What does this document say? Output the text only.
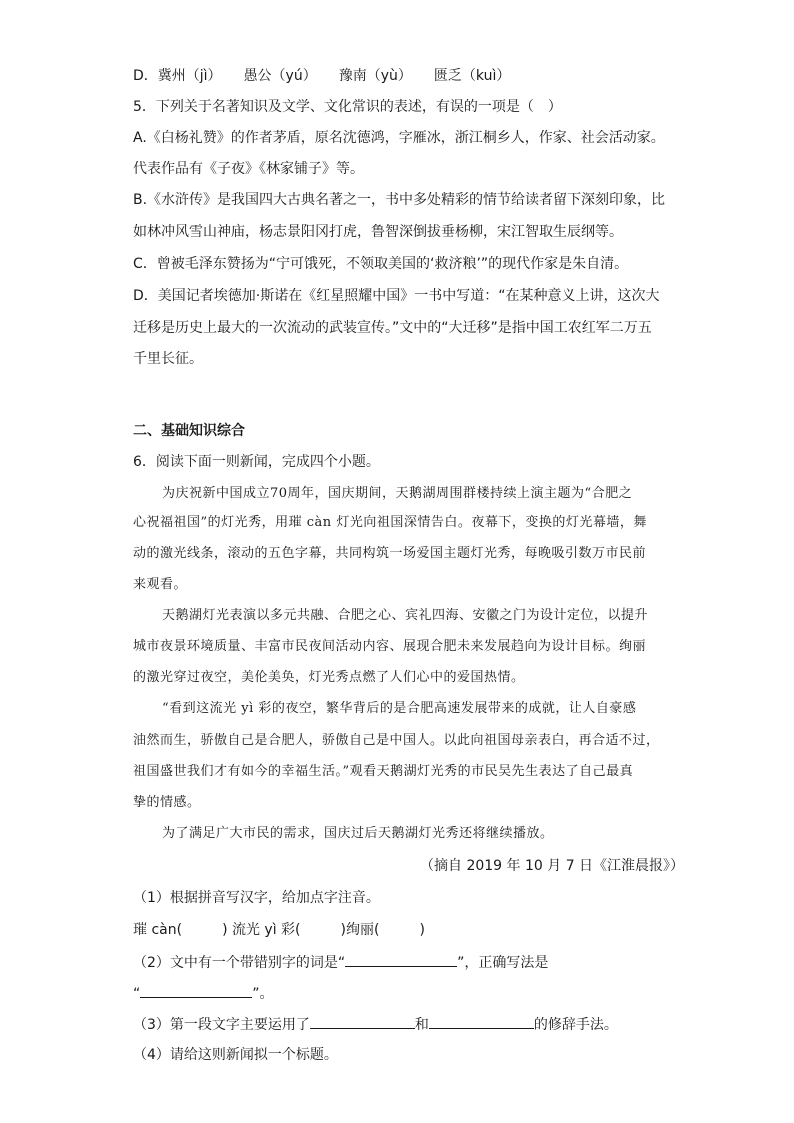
D．冀州（jì） 愚公（yú） 豫南（yù） 匮乏（kuì）
5．下列关于名著知识及文学、文化常识的表述，有误的一项是（　）
A.《白杨礼赞》的作者茅盾，原名沈德鸿，字雁冰，浙江桐乡人，作家、社会活动家。
代表作品有《子夜》《林家铺子》等。
B.《水浒传》是我国四大古典名著之一，书中多处精彩的情节给读者留下深刻印象，比
如林冲风雪山神庙，杨志景阳冈打虎，鲁智深倒拔垂杨柳，宋江智取生辰纲等。
C．曾被毛泽东赞扬为“宁可饿死，不领取美国的‘救济粮’”的现代作家是朱自清。
D．美国记者埃德加·斯诺在《红星照耀中国》一书中写道：“在某种意义上讲，这次大
迁移是历史上最大的一次流动的武装宣传。”文中的“大迁移”是指中国工农红军二万五
千里长征。
二、基础知识综合
6．阅读下面一则新闻，完成四个小题。
为庆祝新中国成立70周年，国庆期间，天鹅湖周围群楼持续上演主题为“合肥之
心祝福祖国”的灯光秀，用璀 càn 灯光向祖国深情告白。夜幕下，变换的灯光幕墙，舞
动的激光线条，滚动的五色字幕，共同构筑一场爱国主题灯光秀，每晚吸引数万市民前
来观看。
天鹅湖灯光表演以多元共融、合肥之心、宾礼四海、安徽之门为设计定位，以提升
城市夜景环境质量、丰富市民夜间活动内容、展现合肥未来发展趋向为设计目标。绚丽
的激光穿过夜空，美伦美奂，灯光秀点燃了人们心中的爱国热情。
“看到这流光 yì 彩的夜空，繁华背后的是合肥高速发展带来的成就，让人自豪感
油然而生，骄傲自己是合肥人，骄傲自己是中国人。以此向祖国母亲表白，再合适不过，
祖国盛世我们才有如今的幸福生活。”观看天鹅湖灯光秀的市民吴先生表达了自己最真
挚的情感。
为了满足广大市民的需求，国庆过后天鹅湖灯光秀还将继续播放。
（摘自 2019 年 10 月 7 日《江淮晨报》）
（1）根据拼音写汉字，给加点字注音。
璀 càn(	) 流光 yì 彩(	)绚丽(	)
（2）文中有一个带错别字的词是“	”，正确写法是
“	”。
（3）第一段文字主要运用了	和	的修辞手法。
（4）请给这则新闻拟一个标题。
